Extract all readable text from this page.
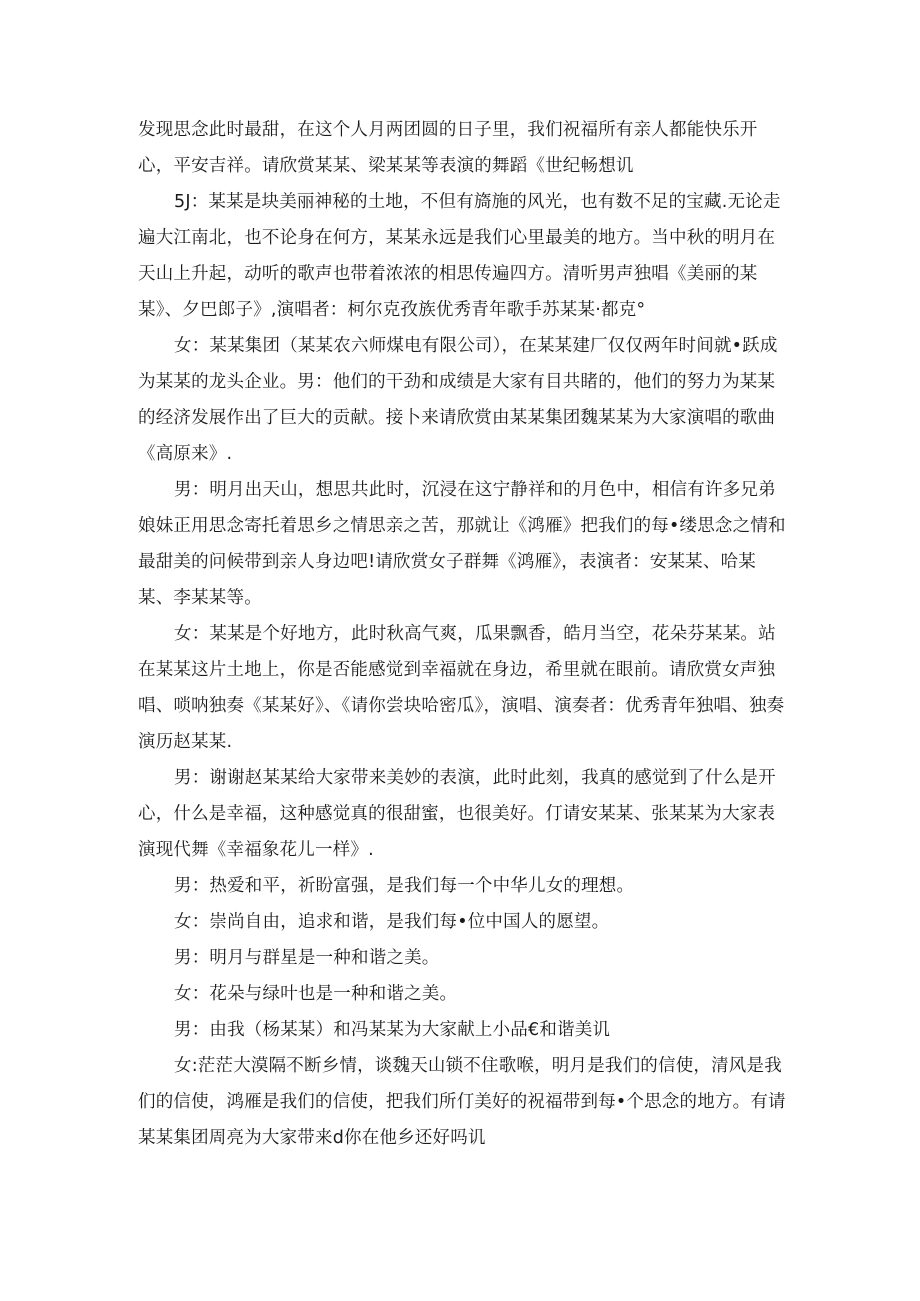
发现思念此时最甜，在这个人月两团圆的日子里，我们祝福所有亲人都能快乐开心，平安吉祥。请欣赏某某、梁某某等表演的舞蹈《世纪畅想讥

5J：某某是块美丽神秘的土地，不但有旖施的风光，也有数不足的宝藏.无论走遍大江南北，也不论身在何方，某某永远是我们心里最美的地方。当中秋的明月在天山上升起，动听的歌声也带着浓浓的相思传遍四方。清听男声独唱《美丽的某某》、夕巴郎子》,演唱者：柯尔克孜族优秀青年歌手苏某某·都克°

女：某某集团（某某农六师煤电有限公司），在某某建厂仅仅两年时间就•跃成为某某的龙头企业。男：他们的干劲和成绩是大家有目共睹的，他们的努力为某某的经济发展作出了巨大的贡献。接卜来请欣赏由某某集团魏某某为大家演唱的歌曲《高原来》.

男：明月出天山，想思共此时，沉浸在这宁静祥和的月色中，相信有许多兄弟娘妹正用思念寄托着思乡之情思亲之苦，那就让《鸿雁》把我们的每•缕思念之情和最甜美的问候带到亲人身边吧!请欣赏女子群舞《鸿雁》，表演者：安某某、哈某某、李某某等。

女：某某是个好地方，此时秋高气爽，瓜果飘香，皓月当空，花朵芬某某。站在某某这片土地上，你是否能感觉到幸福就在身边，希里就在眼前。请欣赏女声独唱、唢呐独奏《某某好》、《请你尝块哈密瓜》，演唱、演奏者：优秀青年独唱、独奏演历赵某某.

男：谢谢赵某某给大家带来美妙的表演，此时此刻，我真的感觉到了什么是开心，什么是幸福，这种感觉真的很甜蜜，也很美好。仃请安某某、张某某为大家表演现代舞《幸福象花儿一样》.

男：热爱和平，祈盼富强，是我们每一个中华儿女的理想。

女：崇尚自由，追求和谐，是我们每•位中国人的愿望。

男：明月与群星是一种和谐之美。

女：花朵与绿叶也是一种和谐之美。

男：由我（杨某某）和冯某某为大家献上小品€和谐美讥

女:茫茫大漠隔不断乡情，谈魏天山锁不住歌喉，明月是我们的信使，清风是我们的信使，鸿雁是我们的信使，把我们所仃美好的祝福带到每•个思念的地方。有请某某集团周亮为大家带来d你在他乡还好吗讥
